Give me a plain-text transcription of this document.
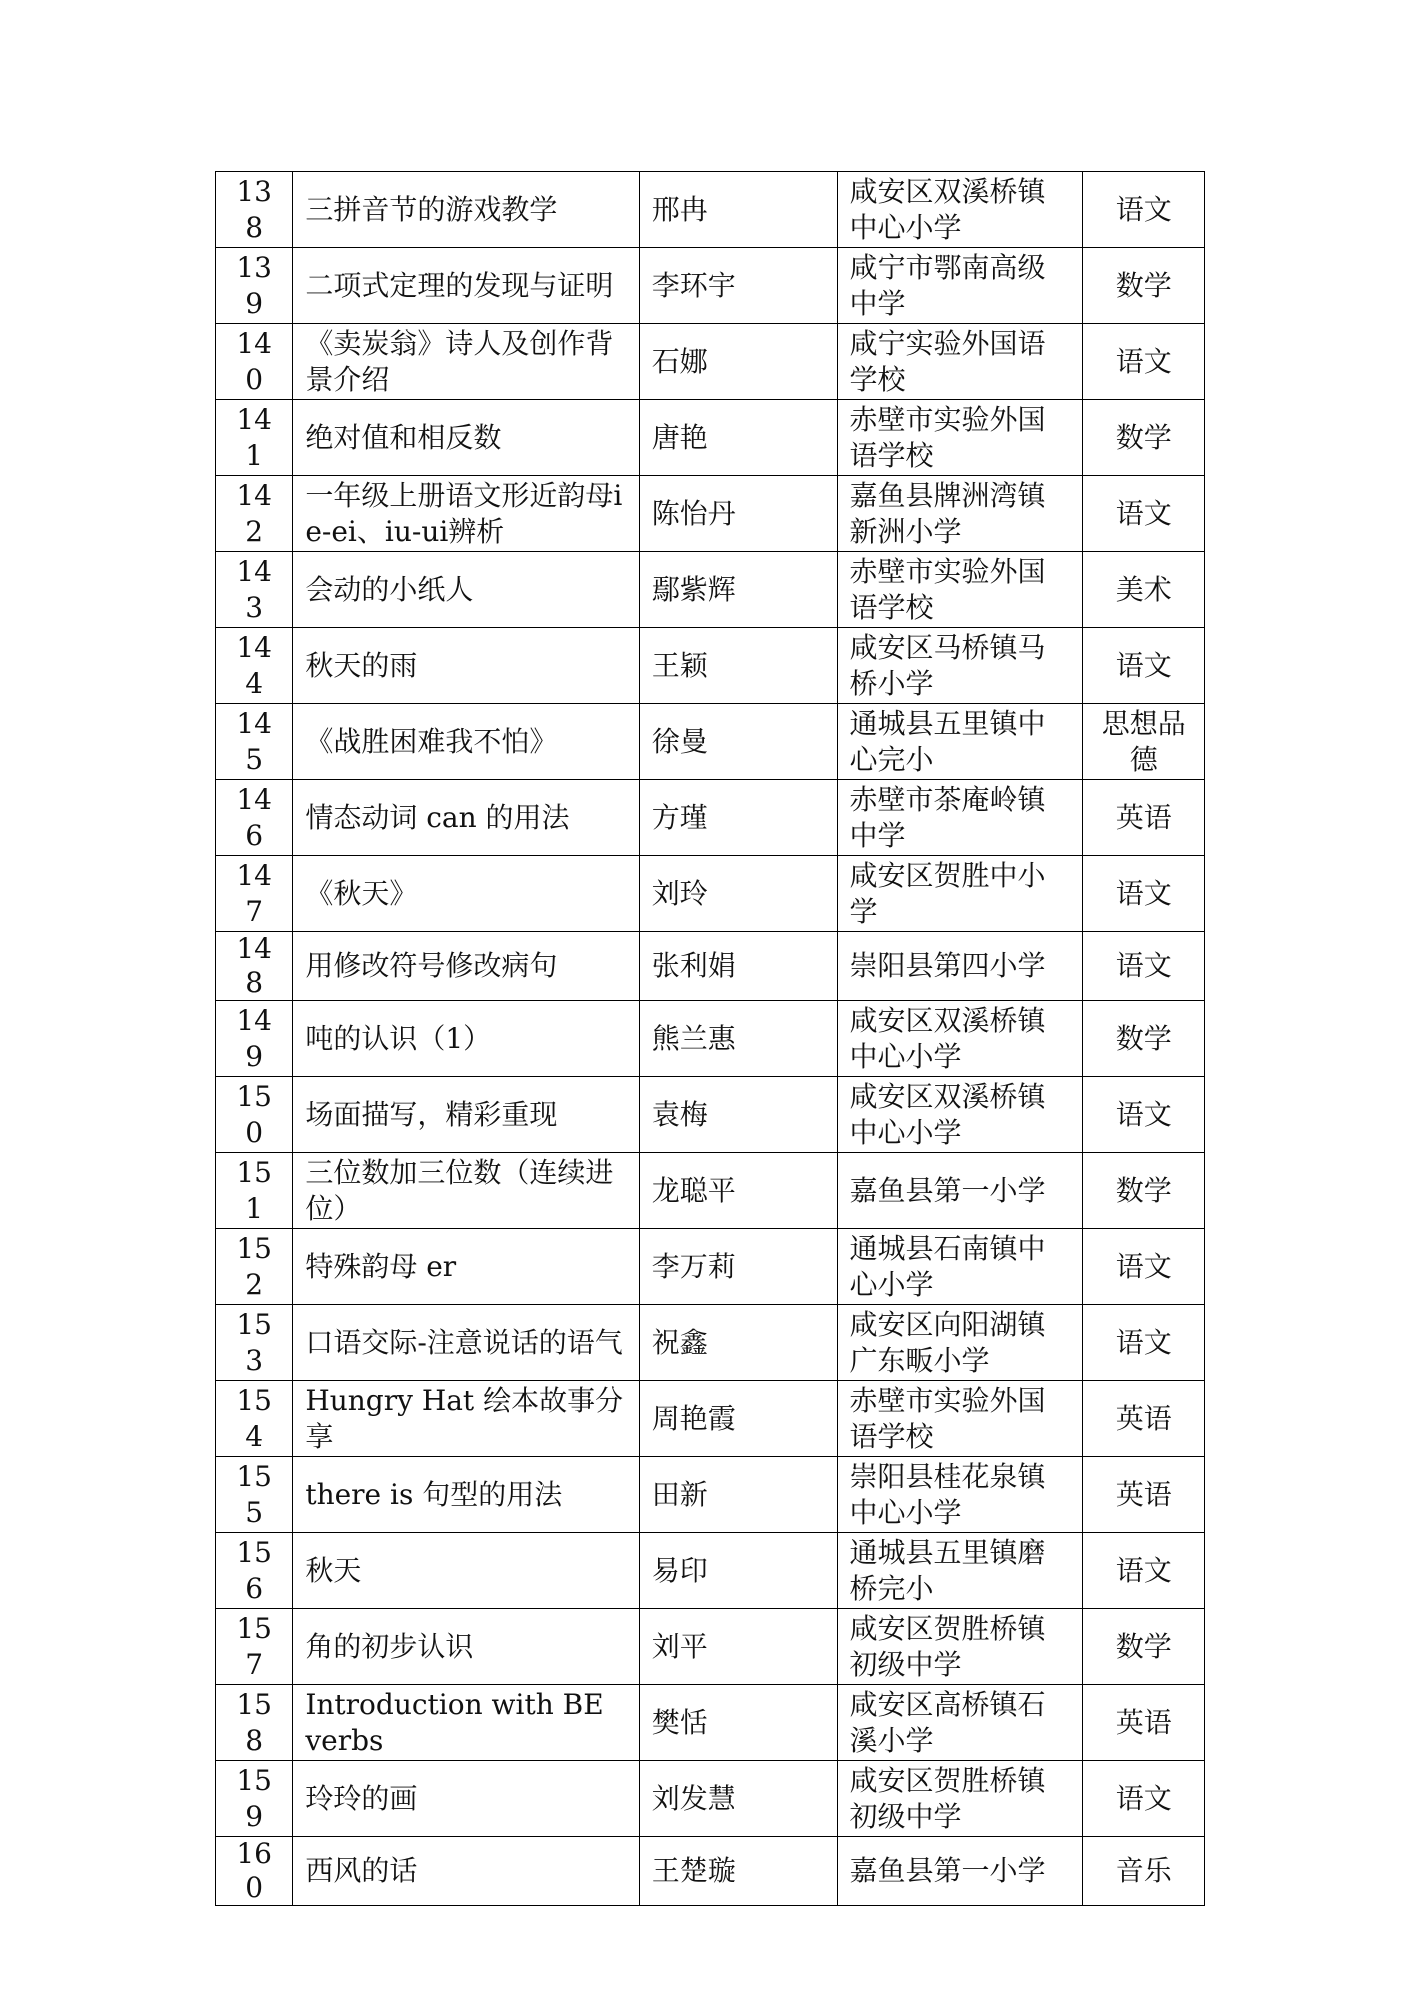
138	三拼音节的游戏教学	邢冉	咸安区双溪桥镇中心小学	语文
139	二项式定理的发现与证明	李环宇	咸宁市鄂南高级中学	数学
140	《卖炭翁》诗人及创作背景介绍	石娜	咸宁实验外国语学校	语文
141	绝对值和相反数	唐艳	赤壁市实验外国语学校	数学
142	一年级上册语文形近韵母ie-ei、iu-ui辨析	陈怡丹	嘉鱼县牌洲湾镇新洲小学	语文
143	会动的小纸人	鄢紫辉	赤壁市实验外国语学校	美术
144	秋天的雨	王颖	咸安区马桥镇马桥小学	语文
145	《战胜困难我不怕》	徐曼	通城县五里镇中心完小	思想品德
146	情态动词 can 的用法	方瑾	赤壁市茶庵岭镇中学	英语
147	《秋天》	刘玲	咸安区贺胜中小学	语文
148	用修改符号修改病句	张利娟	崇阳县第四小学	语文
149	吨的认识（1）	熊兰惠	咸安区双溪桥镇中心小学	数学
150	场面描写，精彩重现	袁梅	咸安区双溪桥镇中心小学	语文
151	三位数加三位数（连续进位）	龙聪平	嘉鱼县第一小学	数学
152	特殊韵母 er	李万莉	通城县石南镇中心小学	语文
153	口语交际-注意说话的语气	祝鑫	咸安区向阳湖镇广东畈小学	语文
154	Hungry Hat 绘本故事分享	周艳霞	赤壁市实验外国语学校	英语
155	there is 句型的用法	田新	崇阳县桂花泉镇中心小学	英语
156	秋天	易印	通城县五里镇磨桥完小	语文
157	角的初步认识	刘平	咸安区贺胜桥镇初级中学	数学
158	Introduction with BE verbs	樊恬	咸安区高桥镇石溪小学	英语
159	玲玲的画	刘发慧	咸安区贺胜桥镇初级中学	语文
160	西风的话	王楚璇	嘉鱼县第一小学	音乐
